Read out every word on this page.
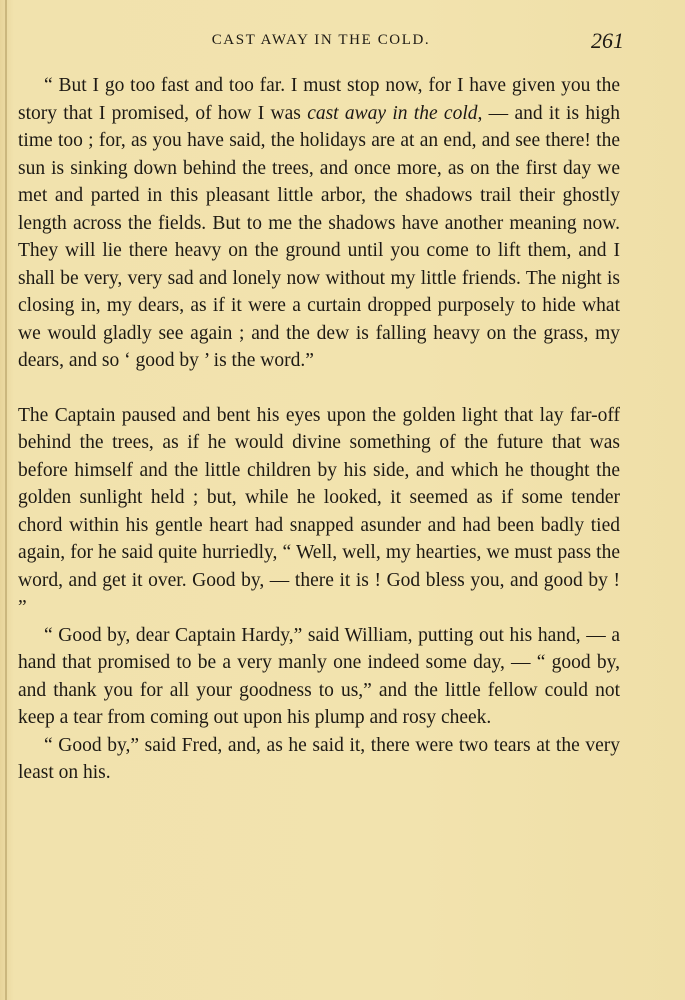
CAST AWAY IN THE COLD.	261

“ But I go too fast and too far. I must stop now, for I have given you the story that I promised, of how I was cast away in the cold, — and it is high time too ; for, as you have said, the holidays are at an end, and see there! the sun is sinking down behind the trees, and once more, as on the first day we met and parted in this pleasant little arbor, the shadows trail their ghostly length across the fields. But to me the shadows have another meaning now. They will lie there heavy on the ground until you come to lift them, and I shall be very, very sad and lonely now without my little friends. The night is closing in, my dears, as if it were a curtain dropped purposely to hide what we would gladly see again ; and the dew is falling heavy on the grass, my dears, and so ‘ good by ’ is the word.”

The Captain paused and bent his eyes upon the golden light that lay far-off behind the trees, as if he would divine something of the future that was before himself and the little children by his side, and which he thought the golden sunlight held ; but, while he looked, it seemed as if some tender chord within his gentle heart had snapped asunder and had been badly tied again, for he said quite hurriedly, “ Well, well, my hearties, we must pass the word, and get it over. Good by, — there it is ! God bless you, and good by ! ”

“ Good by, dear Captain Hardy,” said William, putting out his hand, — a hand that promised to be a very manly one indeed some day, — “ good by, and thank you for all your goodness to us,” and the little fellow could not keep a tear from coming out upon his plump and rosy cheek.

“ Good by,” said Fred, and, as he said it, there were two tears at the very least on his.
